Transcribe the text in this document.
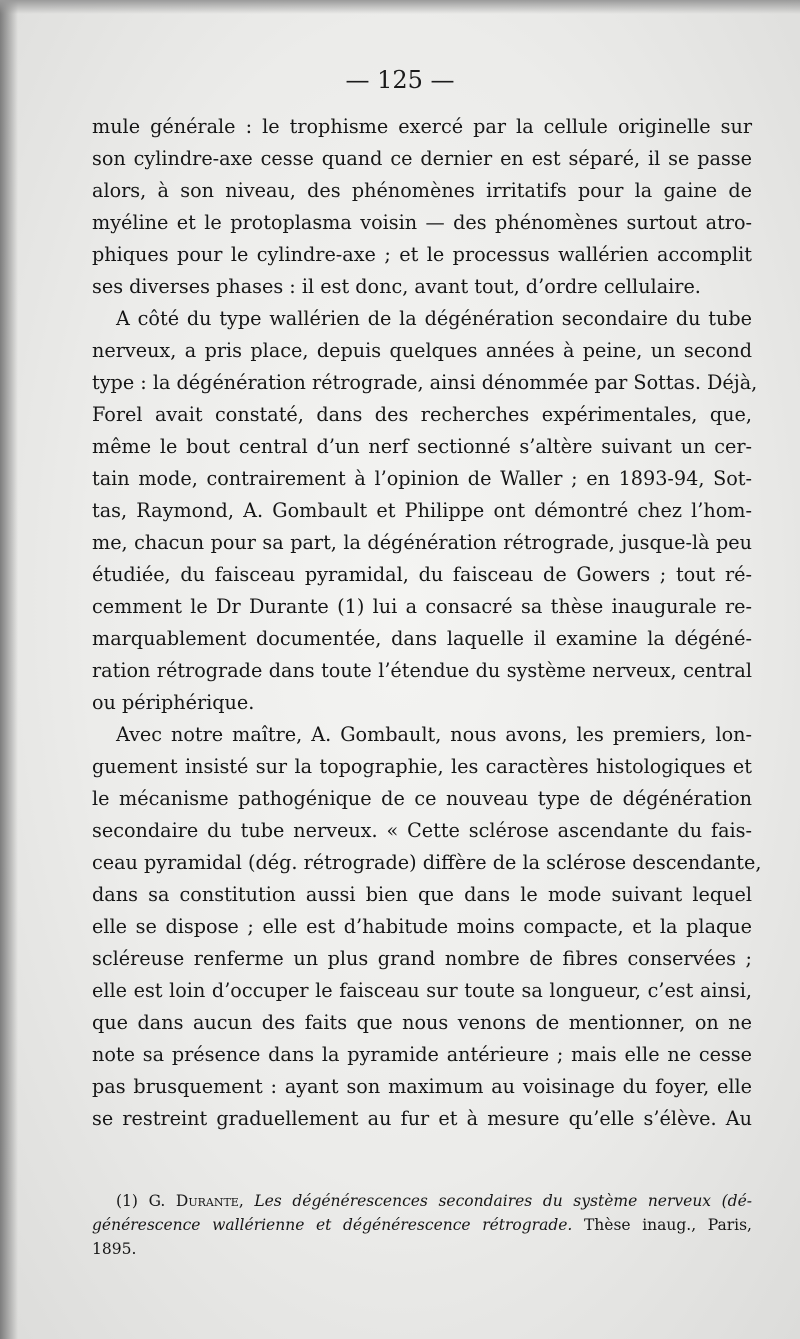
— 125 —

mule générale : le trophisme exercé par la cellule originelle sur

son cylindre-axe cesse quand ce dernier en est séparé, il se passe

alors, à son niveau, des phénomènes irritatifs pour la gaine de

myéline et le protoplasma voisin — des phénomènes surtout atro-

phiques pour le cylindre-axe ; et le processus wallérien accomplit

ses diverses phases : il est donc, avant tout, d’ordre cellulaire.

A côté du type wallérien de la dégénération secondaire du tube

nerveux, a pris place, depuis quelques années à peine, un second

type : la dégénération rétrograde, ainsi dénommée par Sottas. Déjà,

Forel avait constaté, dans des recherches expérimentales, que,

même le bout central d’un nerf sectionné s’altère suivant un cer-

tain mode, contrairement à l’opinion de Waller ; en 1893-94, Sot-

tas, Raymond, A. Gombault et Philippe ont démontré chez l’hom-

me, chacun pour sa part, la dégénération rétrograde, jusque-là peu

étudiée, du faisceau pyramidal, du faisceau de Gowers ; tout ré-

cemment le Dr Durante (1) lui a consacré sa thèse inaugurale re-

marquablement documentée, dans laquelle il examine la dégéné-

ration rétrograde dans toute l’étendue du système nerveux, central

ou périphérique.

Avec notre maître, A. Gombault, nous avons, les premiers, lon-

guement insisté sur la topographie, les caractères histologiques et

le mécanisme pathogénique de ce nouveau type de dégénération

secondaire du tube nerveux. « Cette sclérose ascendante du fais-

ceau pyramidal (dég. rétrograde) diffère de la sclérose descendante,

dans sa constitution aussi bien que dans le mode suivant lequel

elle se dispose ; elle est d’habitude moins compacte, et la plaque

scléreuse renferme un plus grand nombre de fibres conservées ;

elle est loin d’occuper le faisceau sur toute sa longueur, c’est ainsi,

que dans aucun des faits que nous venons de mentionner, on ne

note sa présence dans la pyramide antérieure ; mais elle ne cesse

pas brusquement : ayant son maximum au voisinage du foyer, elle

se restreint graduellement au fur et à mesure qu’elle s’élève. Au

(1) G. Durante, Les dégénérescences secondaires du système nerveux (dé-

générescence wallérienne et dégénérescence rétrograde. Thèse inaug., Paris,

1895.
